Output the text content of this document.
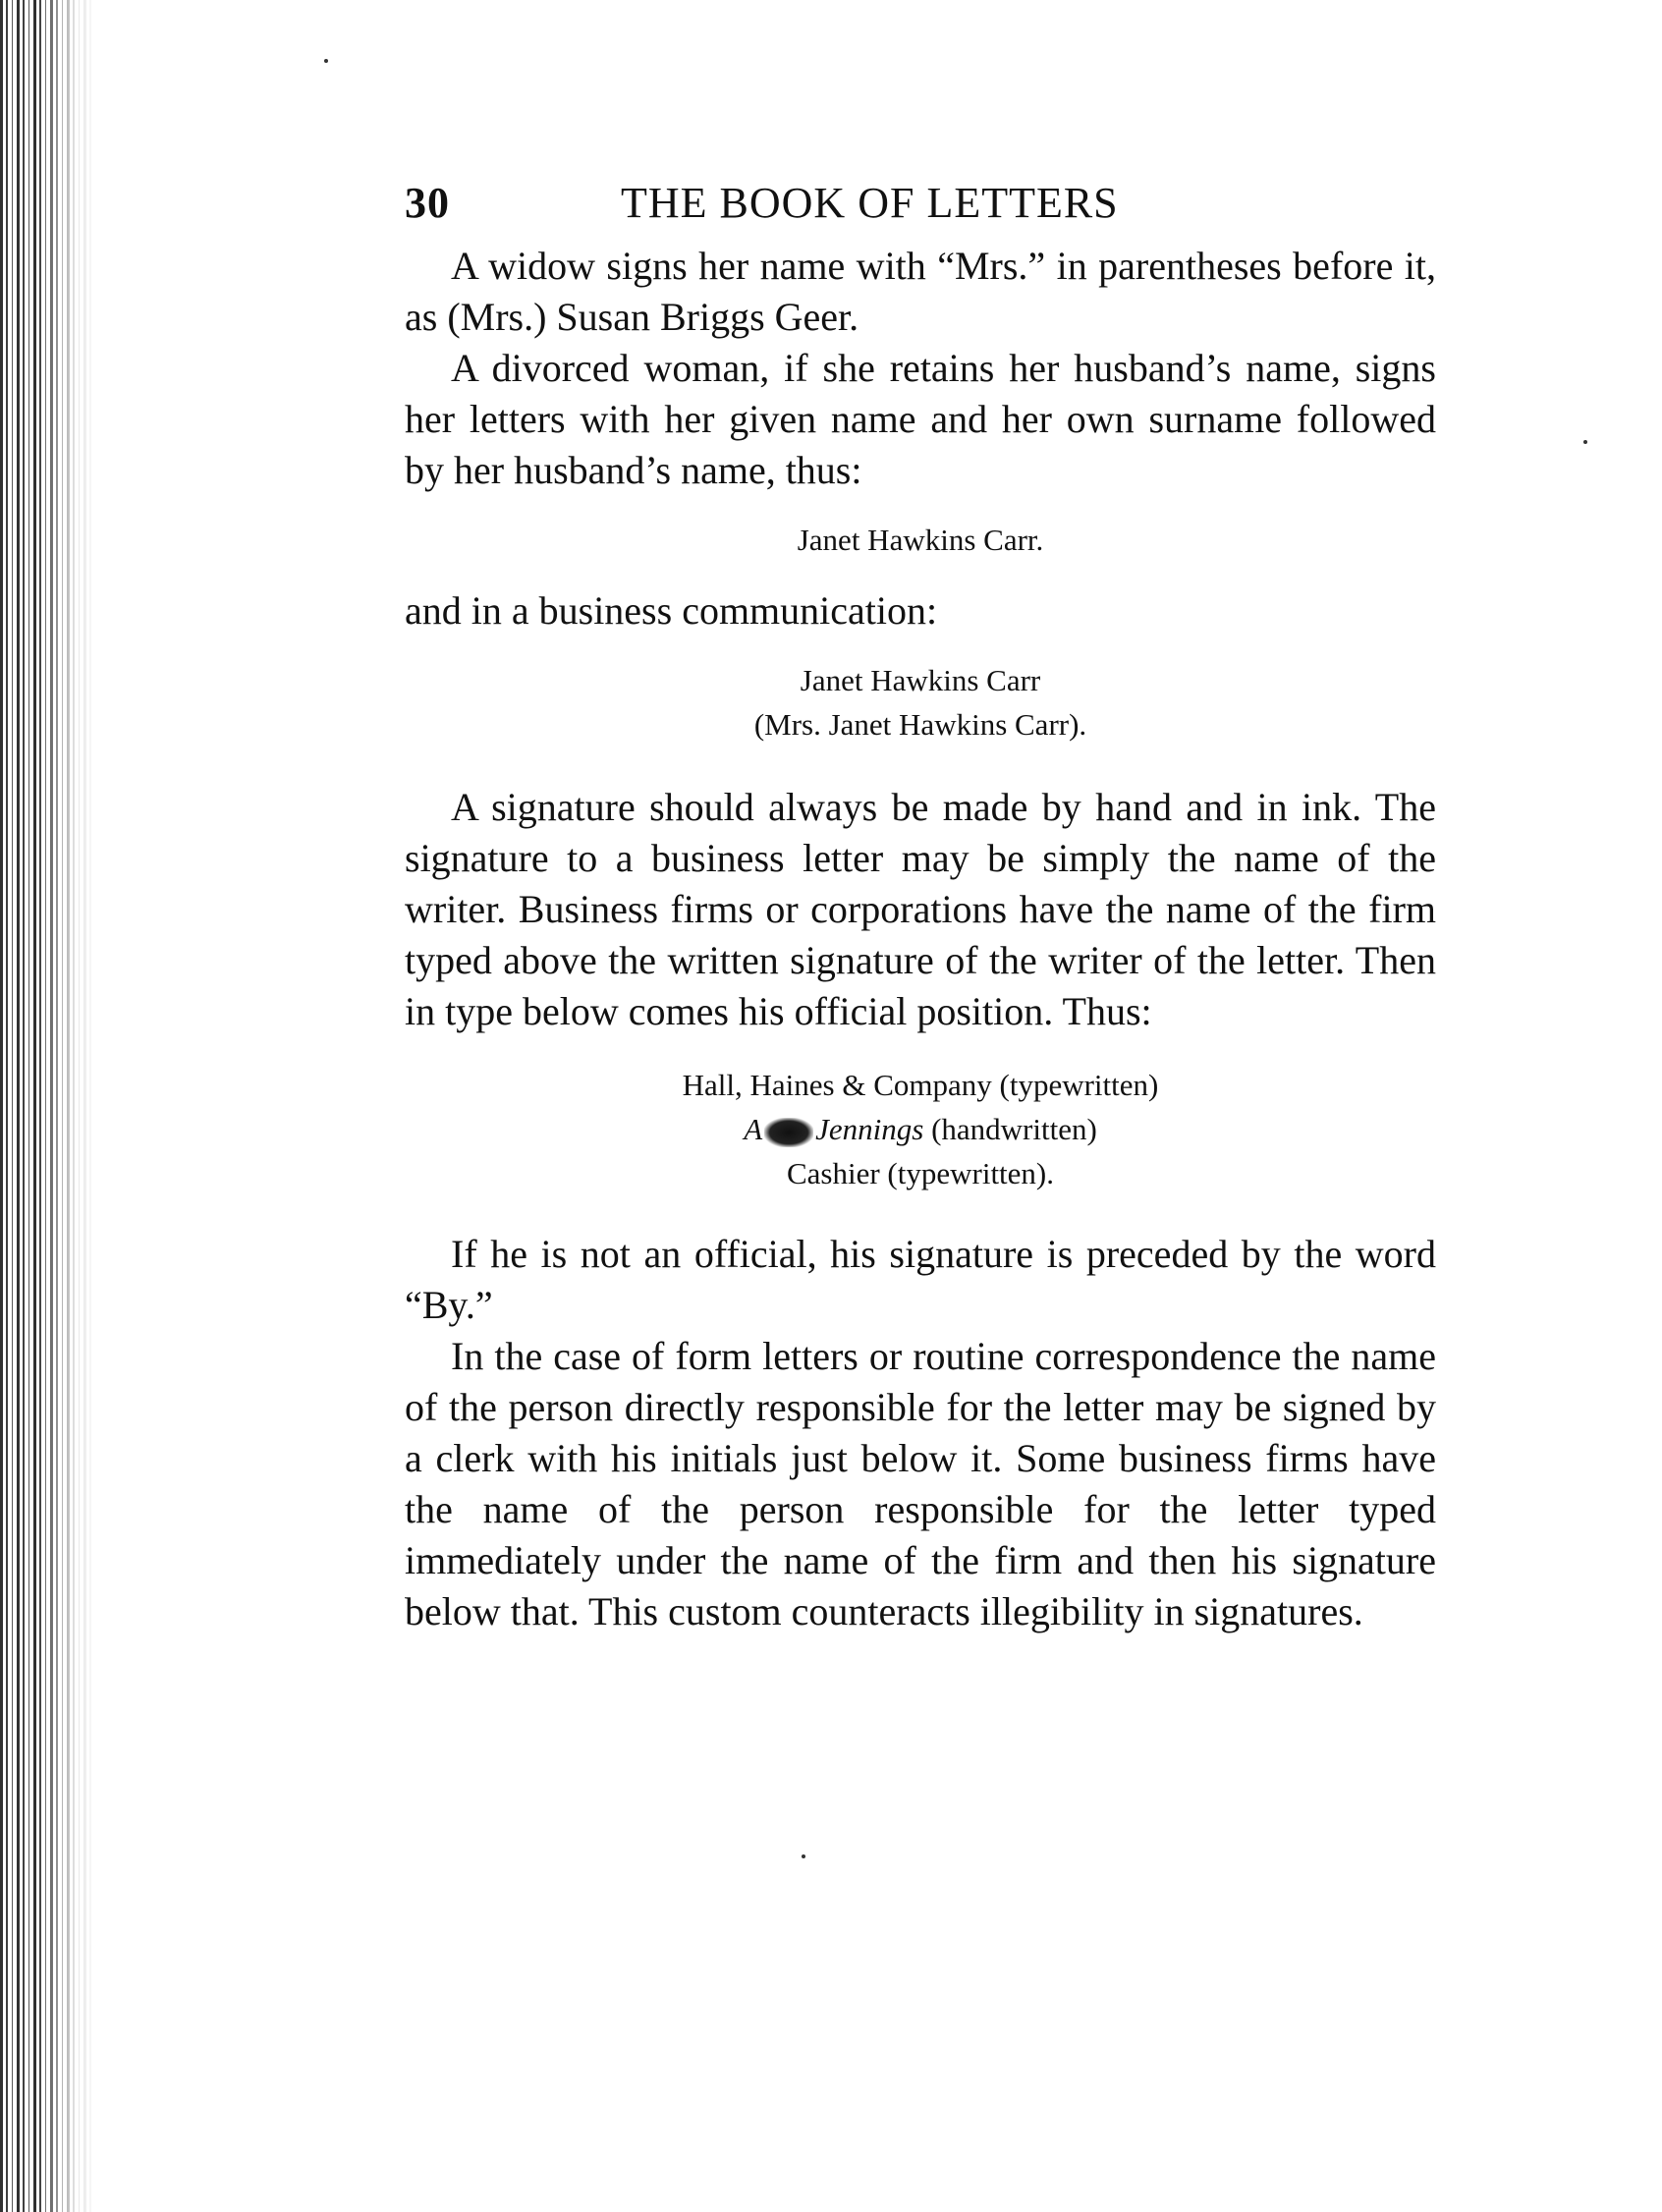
30	THE BOOK OF LETTERS

A widow signs her name with “Mrs.” in parentheses before it, as (Mrs.) Susan Briggs Geer.

A divorced woman, if she retains her husband’s name, signs her letters with her given name and her own surname followed by her husband’s name, thus:

Janet Hawkins Carr.

and in a business communication:

Janet Hawkins Carr
(Mrs. Janet Hawkins Carr).

A signature should always be made by hand and in ink. The signature to a business letter may be simply the name of the writer. Business firms or corporations have the name of the firm typed above the written signature of the writer of the letter. Then in type below comes his official position. Thus:

Hall, Haines & Company (typewritten)
A Jennings (handwritten)
Cashier (typewritten).

If he is not an official, his signature is preceded by the word “By.”

In the case of form letters or routine correspondence the name of the person directly responsible for the letter may be signed by a clerk with his initials just below it. Some business firms have the name of the person responsible for the letter typed immediately under the name of the firm and then his signature below that. This custom counteracts illegibility in signatures.
